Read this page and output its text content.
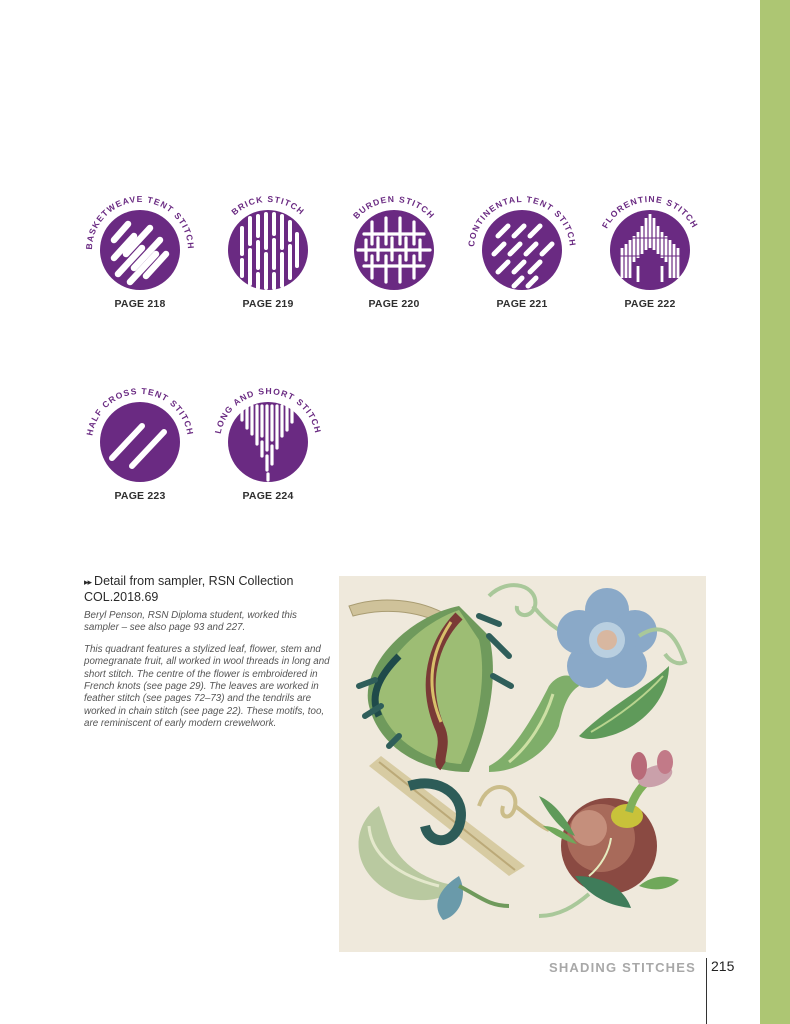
BASKETWEAVE TENT STITCH
PAGE 218
BRICK STITCH
PAGE 219
BURDEN STITCH
PAGE 220
CONTINENTAL TENT STITCH
PAGE 221
FLORENTINE STITCH
PAGE 222
HALF CROSS TENT STITCH
PAGE 223
LONG AND SHORT STITCH
PAGE 224
▸▸ Detail from sampler, RSN Collection COL.2018.69

Beryl Penson, RSN Diploma student, worked this sampler – see also page 93 and 227.

This quadrant features a stylized leaf, flower, stem and pomegranate fruit, all worked in wool threads in long and short stitch. The centre of the flower is embroidered in French knots (see page 29). The leaves are worked in feather stitch (see pages 72–73) and the tendrils are worked in chain stitch (see page 22). These motifs, too, are reminiscent of early modern crewelwork.

SHADING STITCHES 215
